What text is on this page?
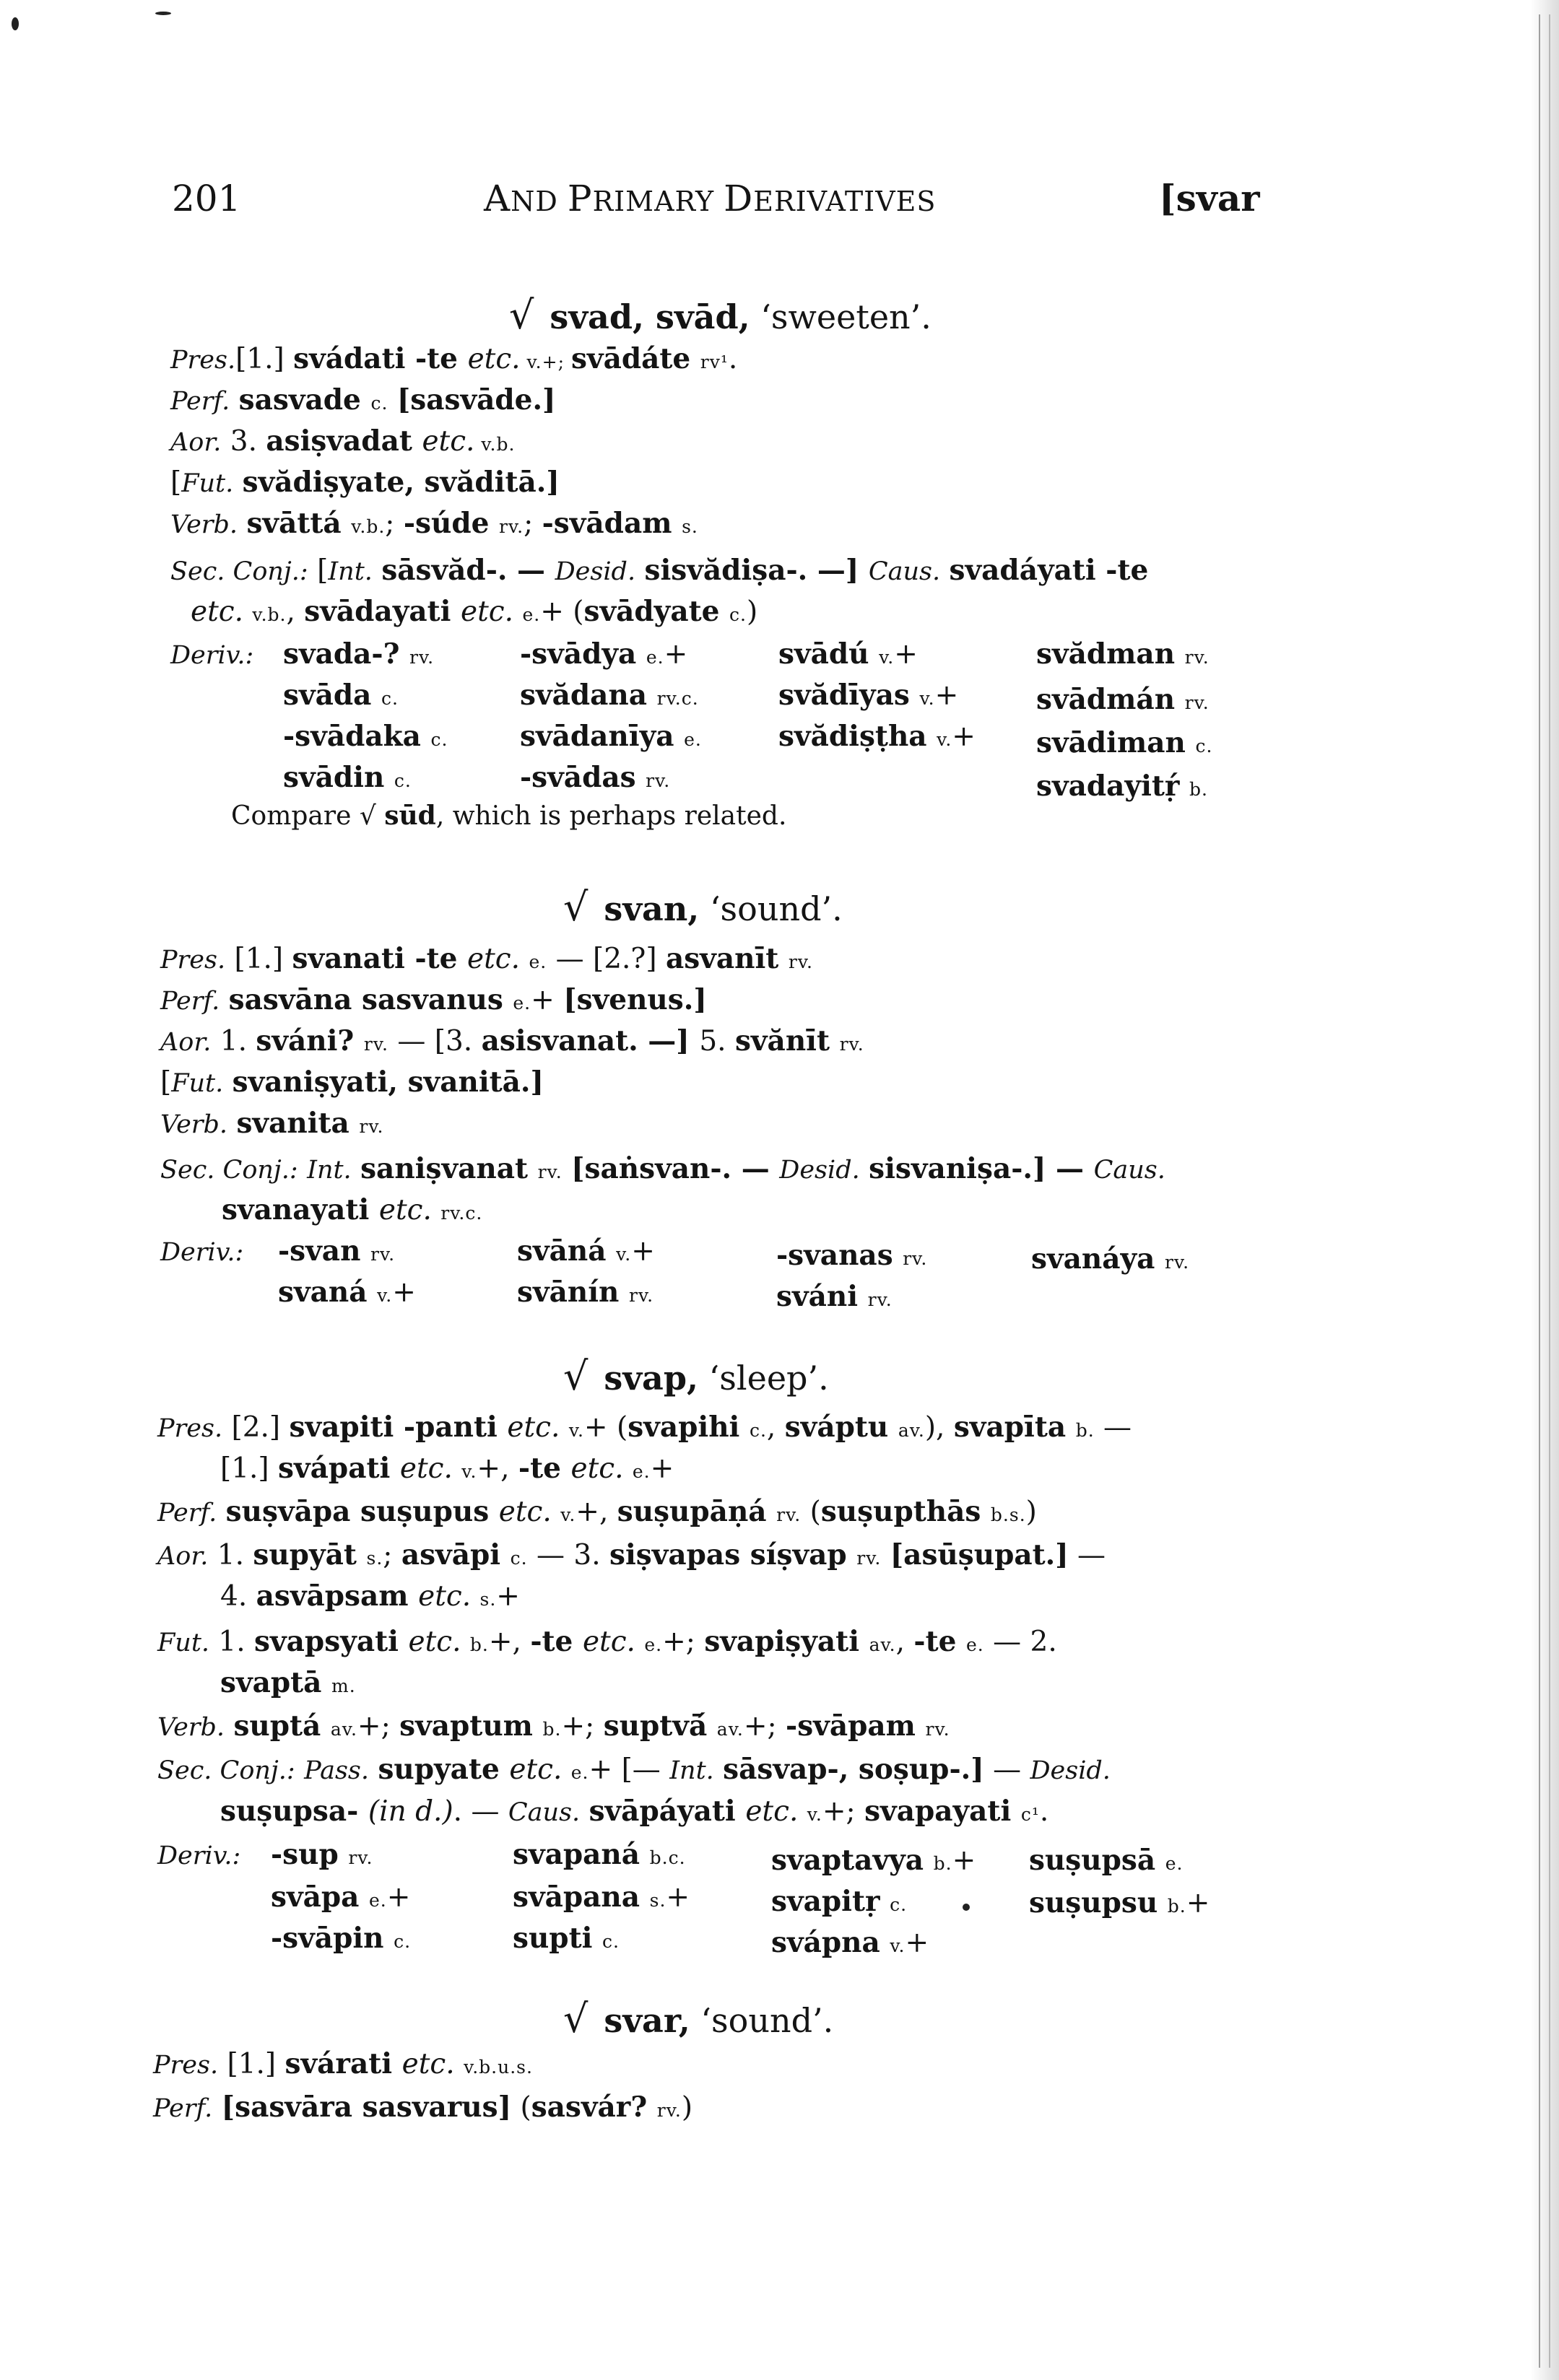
201	AND PRIMARY DERIVATIVES	[svar
√ svad, svād, ‘sweeten’.
Pres.[1.] svádati -te etc. v.+; svādáte rv¹.
Perf. sasvade c. [sasvāde.]
Aor. 3. asiṣvadat etc. v.b.
[Fut. svădiṣyate, svăditā.]
Verb. svāttá v.b.; -súde rv.; -svādam s.
Sec. Conj.: [Int. sāsvăd-. — Desid. sisvădiṣa-. —] Caus. svadáyati -te
etc. v.b., svādayati etc. e.+ (svādyate c.)
Deriv.: svada-? rv.
svāda c.
-svādaka c.
svādin c.
-svādya e.+
svădana rv.c.
svādanīya e.
-svādas rv.
svādú v.+
svădīyas v.+
svădiṣṭha v.+
svădman rv.
svādmán rv.
svādiman c.
svadayitṛ́ b.
Compare √ sūd, which is perhaps related.
√ svan, ‘sound’.
Pres. [1.] svanati -te etc. e. — [2.?] asvanīt rv.
Perf. sasvāna sasvanus e.+ [svenus.]
Aor. 1. sváni? rv. — [3. asisvanat. —] 5. svănīt rv.
[Fut. svaniṣyati, svanitā.]
Verb. svanita rv.
Sec. Conj.: Int. saniṣvanat rv. [saṅsvan-. — Desid. sisvaniṣa-.] — Caus.
svanayati etc. rv.c.
Deriv.: -svan rv.
svaná v.+
svāná v.+
svānín rv.
-svanas rv.
sváni rv.
svanáya rv.
√ svap, ‘sleep’.
Pres. [2.] svapiti -panti etc. v.+ (svapihi c., sváptu av.), svapīta b. —
[1.] svápati etc. v.+, -te etc. e.+
Perf. suṣvāpa suṣupus etc. v.+, suṣupāṇá rv. (suṣupthās b.s.)
Aor. 1. supyāt s.; asvāpi c. — 3. siṣvapas síṣvap rv. [asūṣupat.] —
4. asvāpsam etc. s.+
Fut. 1. svapsyati etc. b.+, -te etc. e.+; svapiṣyati av., -te e. — 2.
svaptā m.
Verb. suptá av.+; svaptum b.+; suptvā́ av.+; -svāpam rv.
Sec. Conj.: Pass. supyate etc. e.+ [— Int. sāsvap-, soṣup-.] — Desid.
suṣupsa- (in d.). — Caus. svāpáyati etc. v.+; svapayati c¹.
Deriv.: -sup rv.
svāpa e.+
-svāpin c.
svapaná b.c.
svāpana s.+
supti c.
svaptavya b.+
svapitṛ c.
svápna v.+
suṣupsā e.
suṣupsu b.+
√ svar, ‘sound’.
Pres. [1.] svárati etc. v.b.u.s.
Perf. [sasvāra sasvarus] (sasvár? rv.)
